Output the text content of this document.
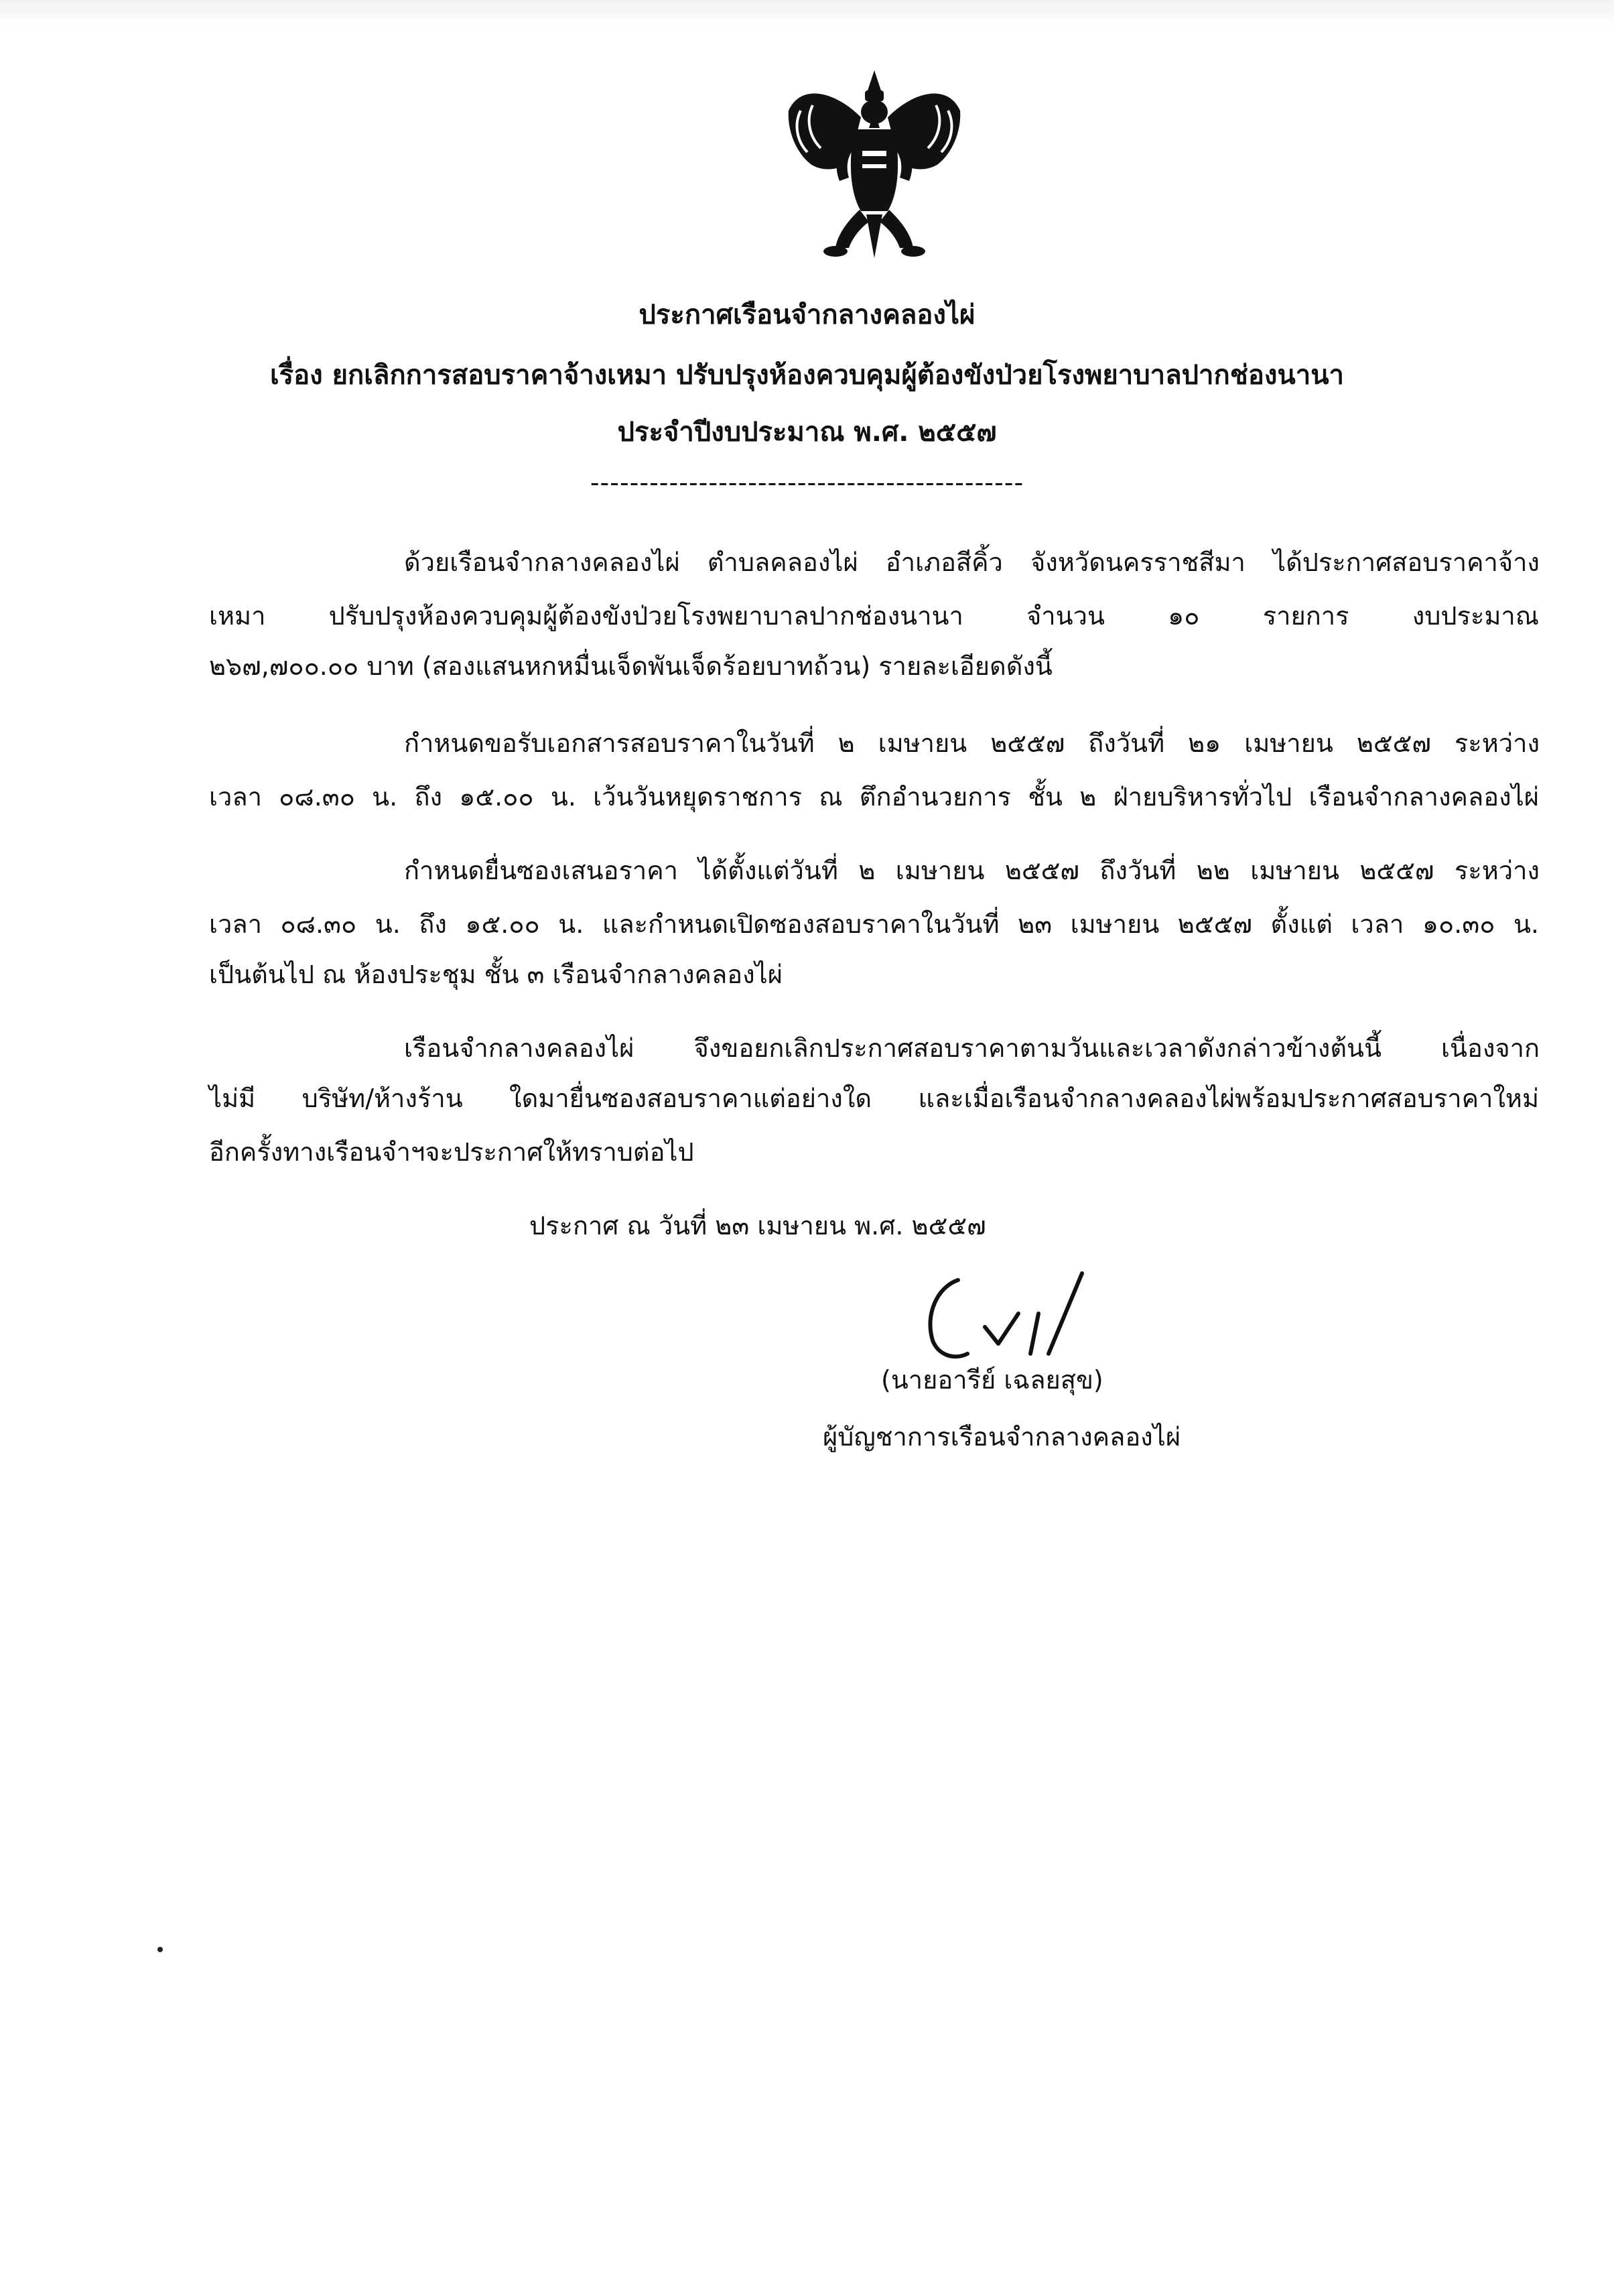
ประกาศเรือนจำกลางคลองไผ่
เรื่อง ยกเลิกการสอบราคาจ้างเหมา ปรับปรุงห้องควบคุมผู้ต้องขังป่วยโรงพยาบาลปากช่องนานา
ประจำปีงบประมาณ พ.ศ. ๒๕๕๗
--------------------------------------------
ด้วยเรือนจำกลางคลองไผ่ ตำบลคลองไผ่ อำเภอสีคิ้ว จังหวัดนครราชสีมา ได้ประกาศสอบราคาจ้าง
เหมา ปรับปรุงห้องควบคุมผู้ต้องขังป่วยโรงพยาบาลปากช่องนานา จำนวน ๑๐ รายการ งบประมาณ
๒๖๗,๗๐๐.๐๐ บาท (สองแสนหกหมื่นเจ็ดพันเจ็ดร้อยบาทถ้วน) รายละเอียดดังนี้
กำหนดขอรับเอกสารสอบราคาในวันที่ ๒ เมษายน ๒๕๕๗ ถึงวันที่ ๒๑ เมษายน ๒๕๕๗ ระหว่าง
เวลา ๐๘.๓๐ น. ถึง ๑๕.๐๐ น. เว้นวันหยุดราชการ ณ ตึกอำนวยการ ชั้น ๒ ฝ่ายบริหารทั่วไป เรือนจำกลางคลองไผ่
กำหนดยื่นซองเสนอราคา ได้ตั้งแต่วันที่ ๒ เมษายน ๒๕๕๗ ถึงวันที่ ๒๒ เมษายน ๒๕๕๗ ระหว่าง
เวลา ๐๘.๓๐ น. ถึง ๑๕.๐๐ น. และกำหนดเปิดซองสอบราคาในวันที่ ๒๓ เมษายน ๒๕๕๗ ตั้งแต่ เวลา ๑๐.๓๐ น.
เป็นต้นไป ณ ห้องประชุม ชั้น ๓ เรือนจำกลางคลองไผ่
เรือนจำกลางคลองไผ่ จึงขอยกเลิกประกาศสอบราคาตามวันและเวลาดังกล่าวข้างต้นนี้ เนื่องจาก
ไม่มี บริษัท/ห้างร้าน ใดมายื่นซองสอบราคาแต่อย่างใด และเมื่อเรือนจำกลางคลองไผ่พร้อมประกาศสอบราคาใหม่
อีกครั้งทางเรือนจำฯจะประกาศให้ทราบต่อไป
ประกาศ ณ วันที่ ๒๓ เมษายน พ.ศ. ๒๕๕๗
(นายอารีย์ เฉลยสุข)
ผู้บัญชาการเรือนจำกลางคลองไผ่
